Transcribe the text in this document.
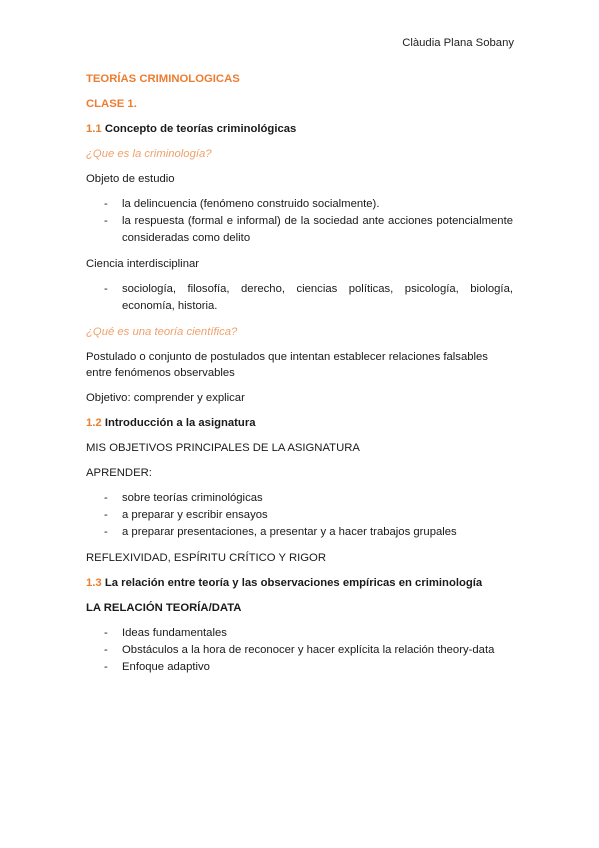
Clàudia Plana Sobany
TEORÍAS CRIMINOLOGICAS
CLASE 1.
1.1 Concepto de teorías criminológicas
¿Que es la criminología?
Objeto de estudio
- la delincuencia (fenómeno construido socialmente).
- la respuesta (formal e informal) de la sociedad ante acciones potencialmente consideradas como delito
Ciencia interdisciplinar
- sociología, filosofía, derecho, ciencias políticas, psicología, biología, economía, historia.
¿Qué es una teoría científica?
Postulado o conjunto de postulados que intentan establecer relaciones falsables entre fenómenos observables
Objetivo: comprender y explicar
1.2 Introducción a la asignatura
MIS OBJETIVOS PRINCIPALES DE LA ASIGNATURA
APRENDER:
- sobre teorías criminológicas
- a preparar y escribir ensayos
- a preparar presentaciones, a presentar y a hacer trabajos grupales
REFLEXIVIDAD, ESPÍRITU CRÍTICO Y RIGOR
1.3 La relación entre teoría y las observaciones empíricas en criminología
LA RELACIÓN TEORÍA/DATA
- Ideas fundamentales
- Obstáculos a la hora de reconocer y hacer explícita la relación theory-data
- Enfoque adaptivo
